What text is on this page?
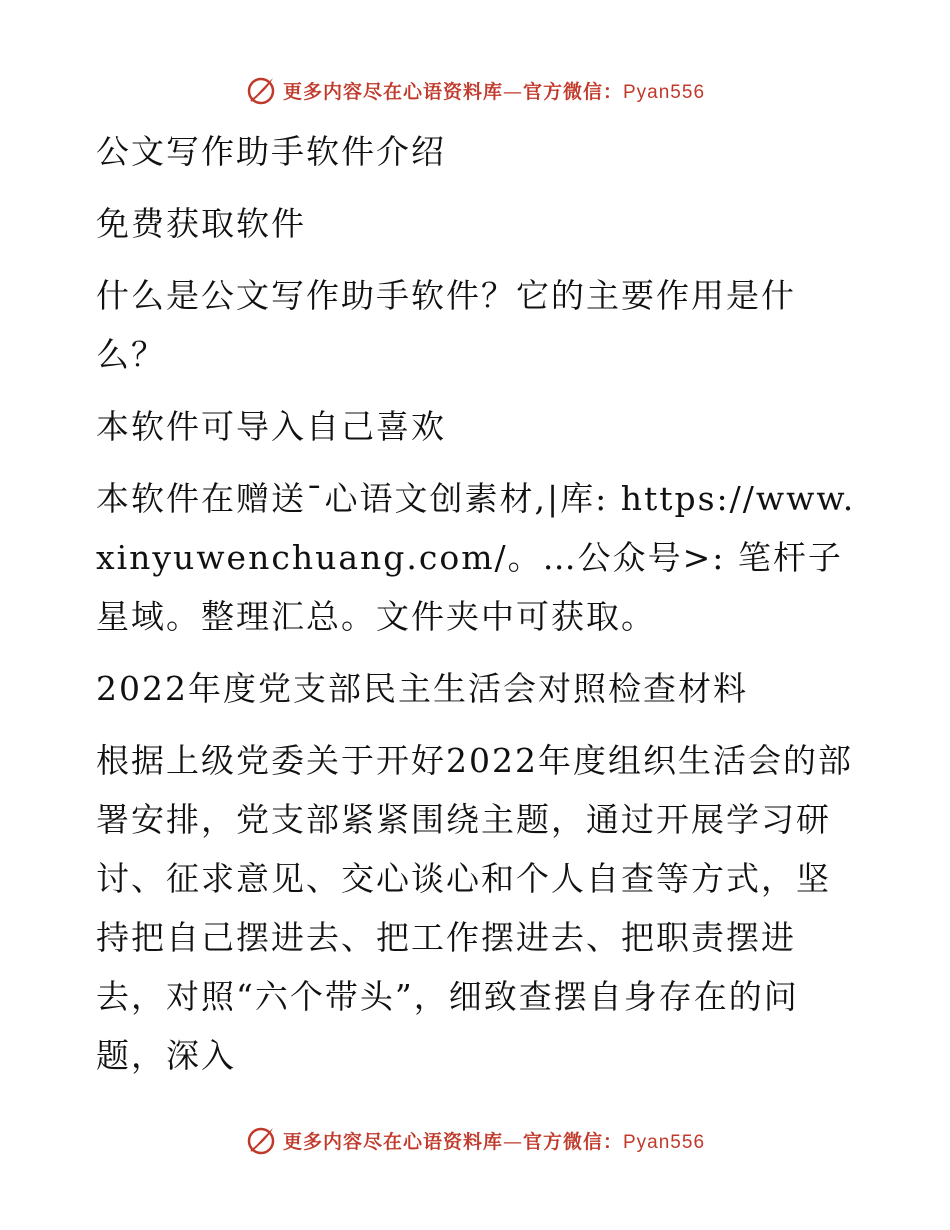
更多内容尽在心语资料库—官方微信：Pyan556

公文写作助手软件介绍

免费获取软件

什么是公文写作助手软件？它的主要作用是什么？

本软件可导入自己喜欢

本软件在赠送¯心语文创素材,|库: https://www.xinyuwenchuang.com/。…公众号>: 笔杆子星域。整理汇总。文件夹中可获取。

2022年度党支部民主生活会对照检查材料

根据上级党委关于开好2022年度组织生活会的部署安排，党支部紧紧围绕主题，通过开展学习研讨、征求意见、交心谈心和个人自查等方式，坚持把自己摆进去、把工作摆进去、把职责摆进去，对照“六个带头”，细致查摆自身存在的问题，深入

更多内容尽在心语资料库—官方微信：Pyan556
